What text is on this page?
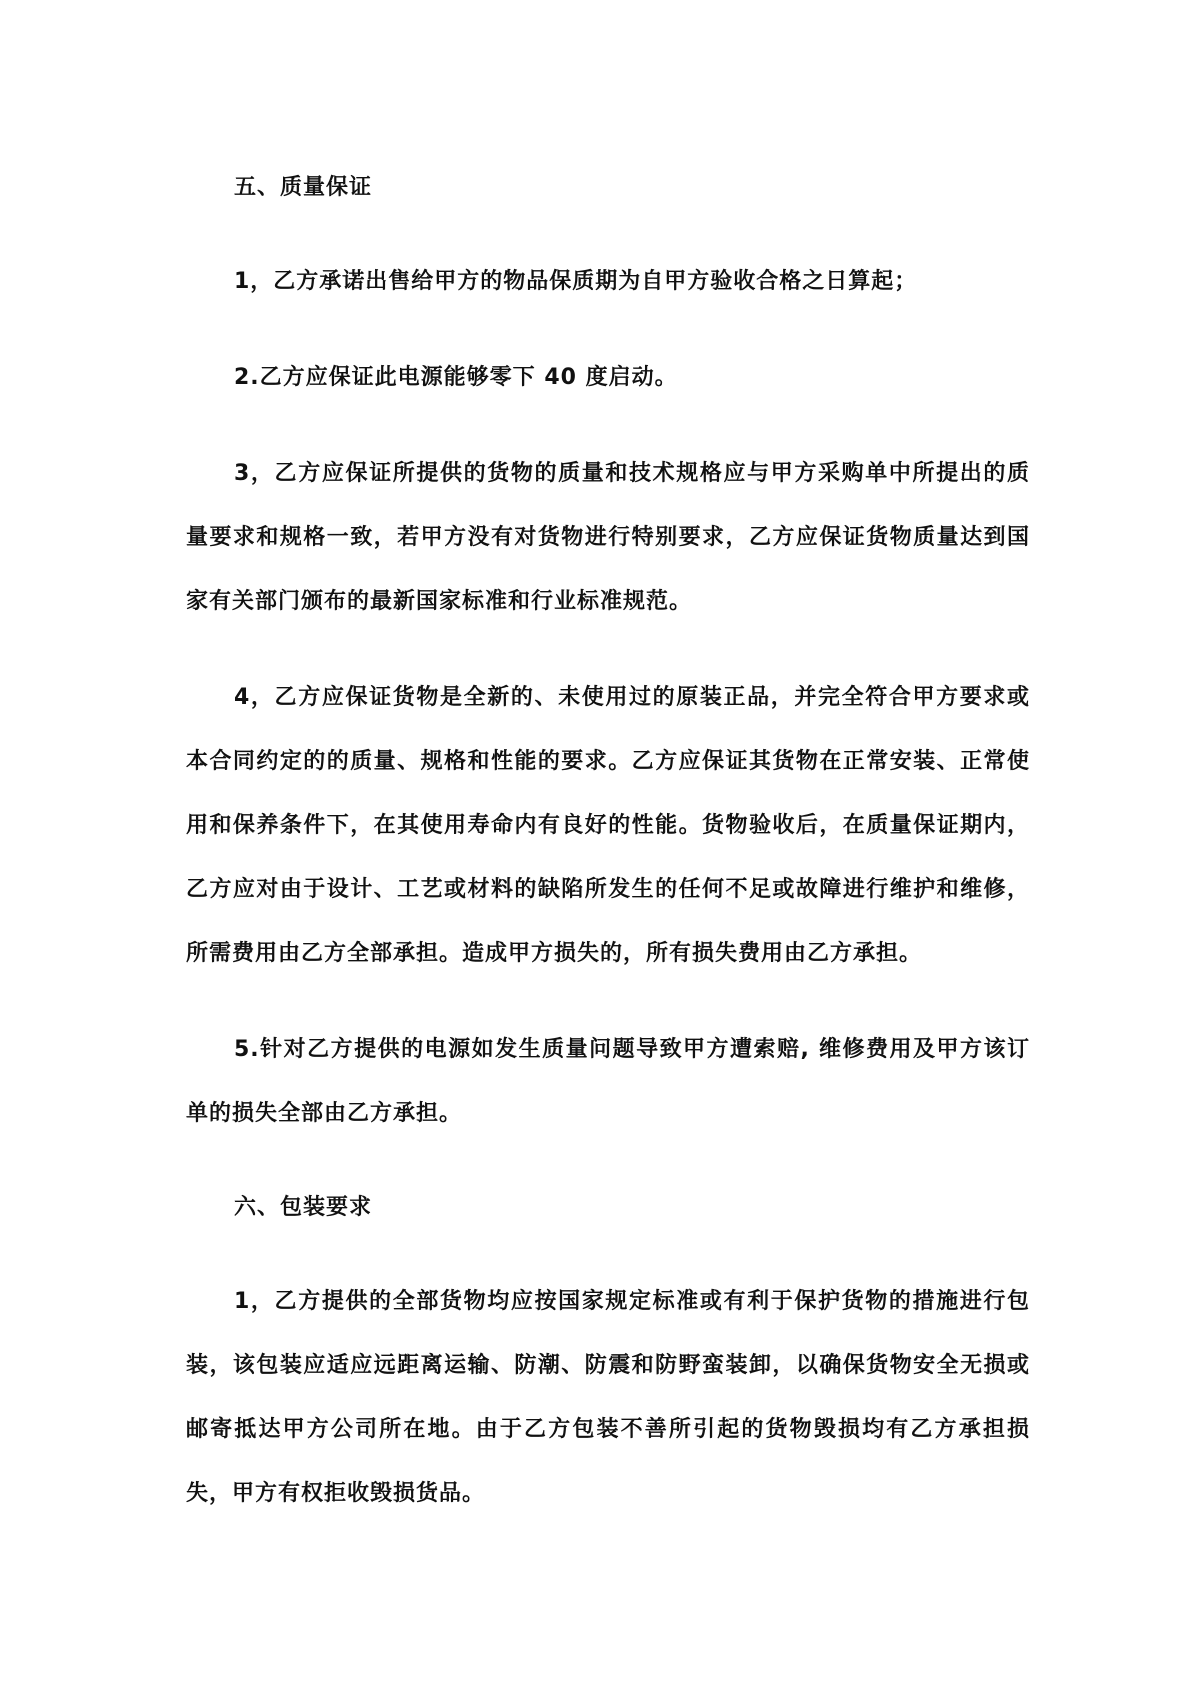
五、质量保证

1，乙方承诺出售给甲方的物品保质期为自甲方验收合格之日算起；

2.乙方应保证此电源能够零下 40 度启动。

3，乙方应保证所提供的货物的质量和技术规格应与甲方采购单中所提出的质量要求和规格一致，若甲方没有对货物进行特别要求，乙方应保证货物质量达到国家有关部门颁布的最新国家标准和行业标准规范。

4，乙方应保证货物是全新的、未使用过的原装正品，并完全符合甲方要求或本合同约定的的质量、规格和性能的要求。乙方应保证其货物在正常安装、正常使用和保养条件下，在其使用寿命内有良好的性能。货物验收后，在质量保证期内，乙方应对由于设计、工艺或材料的缺陷所发生的任何不足或故障进行维护和维修，所需费用由乙方全部承担。造成甲方损失的，所有损失费用由乙方承担。

5.针对乙方提供的电源如发生质量问题导致甲方遭索赔, 维修费用及甲方该订单的损失全部由乙方承担。

六、包装要求

1，乙方提供的全部货物均应按国家规定标准或有利于保护货物的措施进行包装，该包装应适应远距离运输、防潮、防震和防野蛮装卸，以确保货物安全无损或邮寄抵达甲方公司所在地。由于乙方包装不善所引起的货物毁损均有乙方承担损失，甲方有权拒收毁损货品。
